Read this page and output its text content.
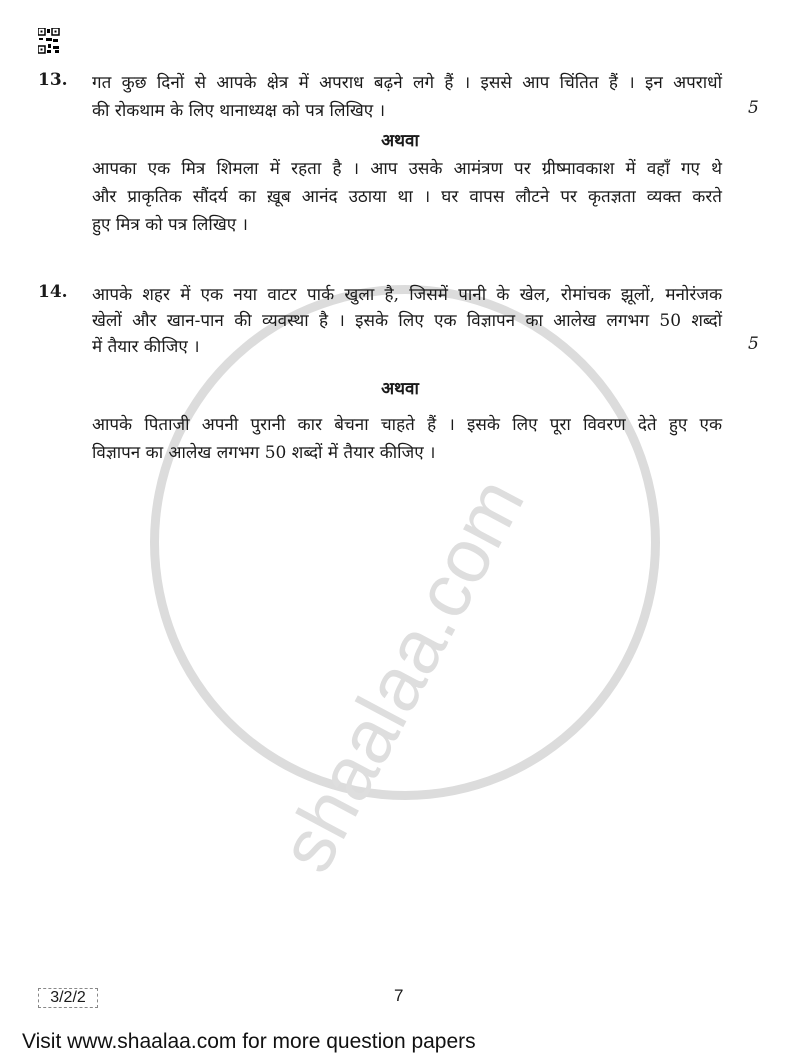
shaalaa.com
13. गत कुछ दिनों से आपके क्षेत्र में अपराध बढ़ने लगे हैं । इससे आप चिंतित हैं । इन अपराधों
की रोकथाम के लिए थानाध्यक्ष को पत्र लिखिए ।	5
अथवा
आपका एक मित्र शिमला में रहता है । आप उसके आमंत्रण पर ग्रीष्मावकाश में वहाँ गए थे
और प्राकृतिक सौंदर्य का ख़ूब आनंद उठाया था । घर वापस लौटने पर कृतज्ञता व्यक्त करते
हुए मित्र को पत्र लिखिए ।
14. आपके शहर में एक नया वाटर पार्क खुला है, जिसमें पानी के खेल, रोमांचक झूलों, मनोरंजक
खेलों और खान-पान की व्यवस्था है । इसके लिए एक विज्ञापन का आलेख लगभग 50 शब्दों
में तैयार कीजिए ।	5
अथवा
आपके पिताजी अपनी पुरानी कार बेचना चाहते हैं । इसके लिए पूरा विवरण देते हुए एक
विज्ञापन का आलेख लगभग 50 शब्दों में तैयार कीजिए ।
3/2/2	7
Visit www.shaalaa.com for more question papers
